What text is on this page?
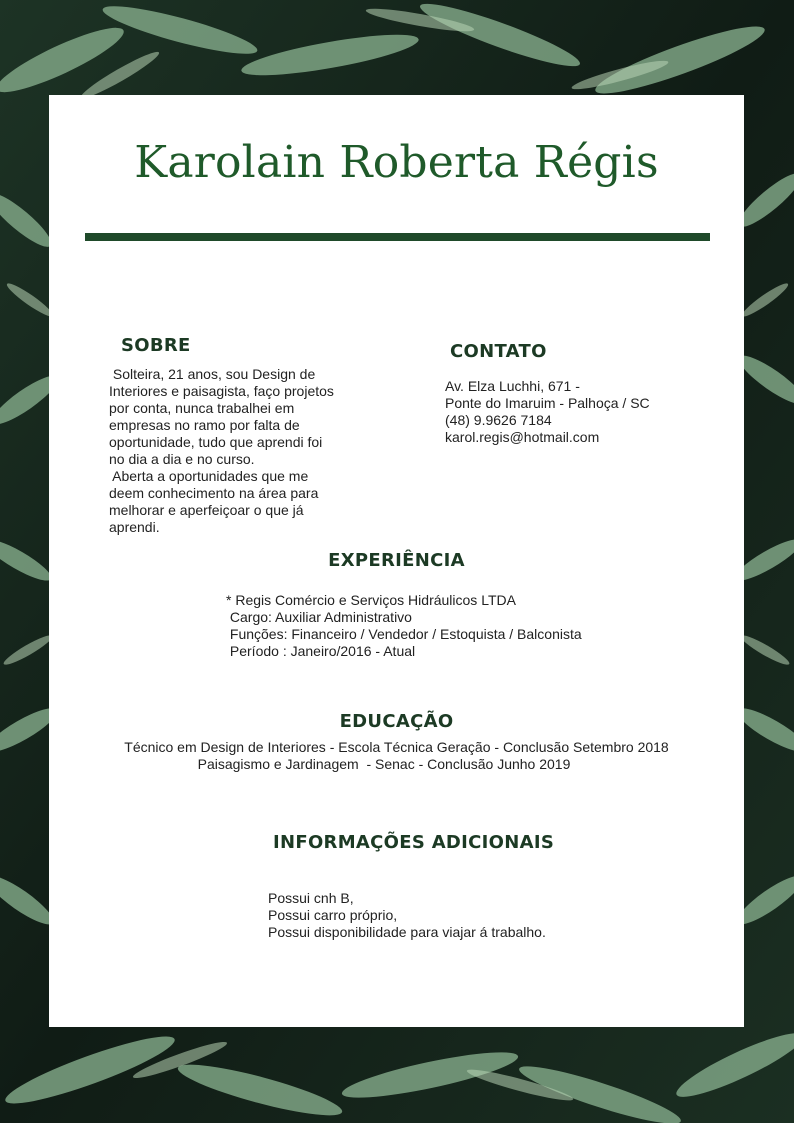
Karolain Roberta Régis
SOBRE
Solteira, 21 anos, sou Design de
Interiores e paisagista, faço projetos
por conta, nunca trabalhei em
empresas no ramo por falta de
oportunidade, tudo que aprendi foi
no dia a dia e no curso.
Aberta a oportunidades que me
deem conhecimento na área para
melhorar e aperfeiçoar o que já
aprendi.
CONTATO
Av. Elza Luchhi, 671 -
Ponte do Imaruim - Palhoça / SC
(48) 9.9626 7184
karol.regis@hotmail.com
EXPERIÊNCIA
* Regis Comércio e Serviços Hidráulicos LTDA
Cargo: Auxiliar Administrativo
Funções: Financeiro / Vendedor / Estoquista / Balconista
Período : Janeiro/2016 - Atual
EDUCAÇÃO
Técnico em Design de Interiores - Escola Técnica Geração - Conclusão Setembro 2018
Paisagismo e Jardinagem  - Senac - Conclusão Junho 2019
INFORMAÇÕES ADICIONAIS
Possui cnh B,
Possui carro próprio,
Possui disponibilidade para viajar á trabalho.
